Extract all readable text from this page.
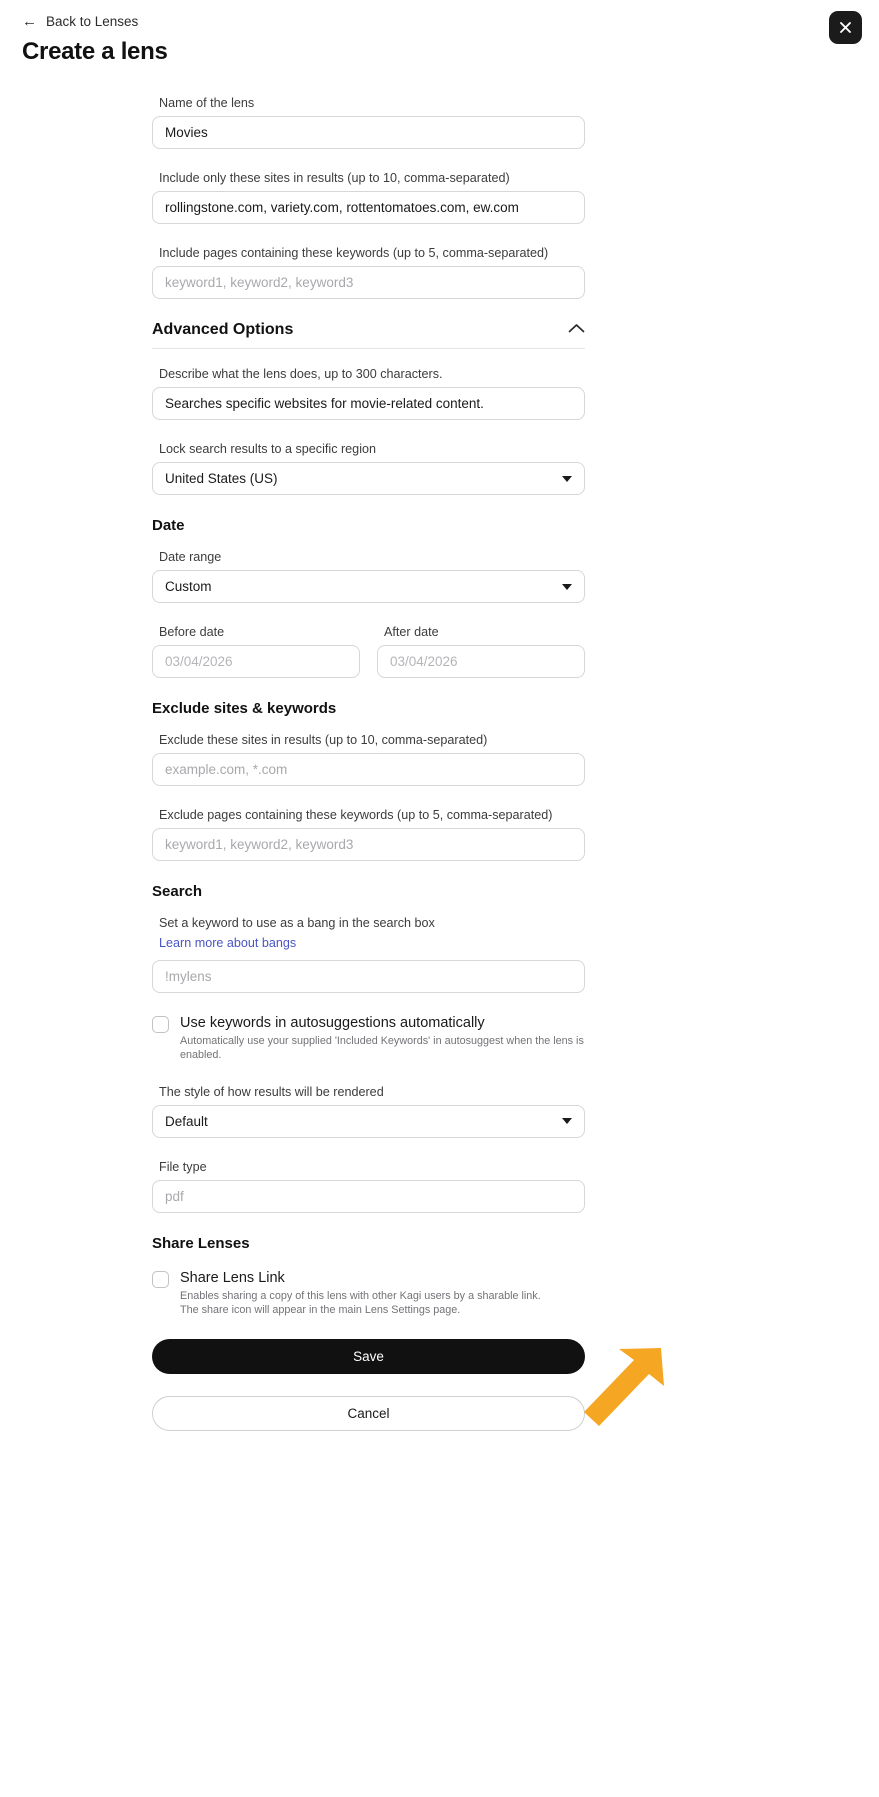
← Back to Lenses
Create a lens
Name of the lens
Movies
Include only these sites in results (up to 10, comma-separated)
rollingstone.com, variety.com, rottentomatoes.com, ew.com
Include pages containing these keywords (up to 5, comma-separated)
keyword1, keyword2, keyword3
Advanced Options
Describe what the lens does, up to 300 characters.
Searches specific websites for movie-related content.
Lock search results to a specific region
United States (US)
Date
Date range
Custom
Before date
03/04/2026
After date
03/04/2026
Exclude sites & keywords
Exclude these sites in results (up to 10, comma-separated)
example.com, *.com
Exclude pages containing these keywords (up to 5, comma-separated)
keyword1, keyword2, keyword3
Search
Set a keyword to use as a bang in the search box
Learn more about bangs
!mylens
Use keywords in autosuggestions automatically
Automatically use your supplied 'Included Keywords' in autosuggest when the lens is enabled.
The style of how results will be rendered
Default
File type
pdf
Share Lenses
Share Lens Link
Enables sharing a copy of this lens with other Kagi users by a sharable link.
The share icon will appear in the main Lens Settings page.
Save
Cancel
